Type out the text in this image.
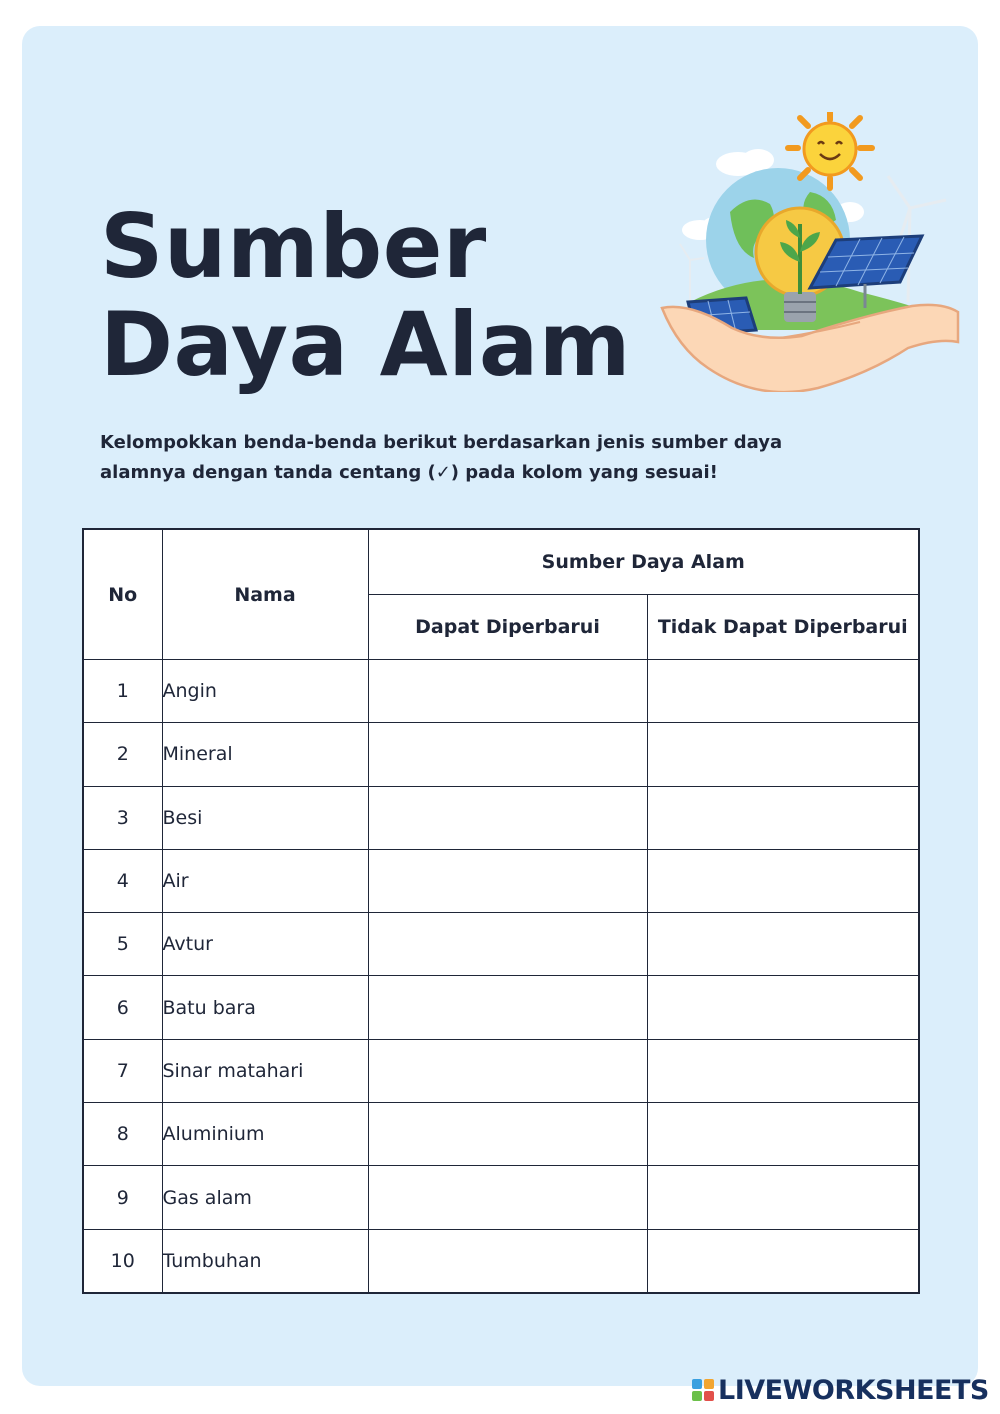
Sumber
Daya Alam

Kelompokkan benda-benda berikut berdasarkan jenis sumber daya
alamnya dengan tanda centang (✓) pada kolom yang sesuai!

No	Nama	Sumber Daya Alam	
		Dapat Diperbarui	Tidak Dapat Diperbarui
1	Angin		
2	Mineral		
3	Besi		
4	Air		
5	Avtur		
6	Batu bara		
7	Sinar matahari		
8	Aluminium		
9	Gas alam		
10	Tumbuhan		
LIVEWORKSHEETS
